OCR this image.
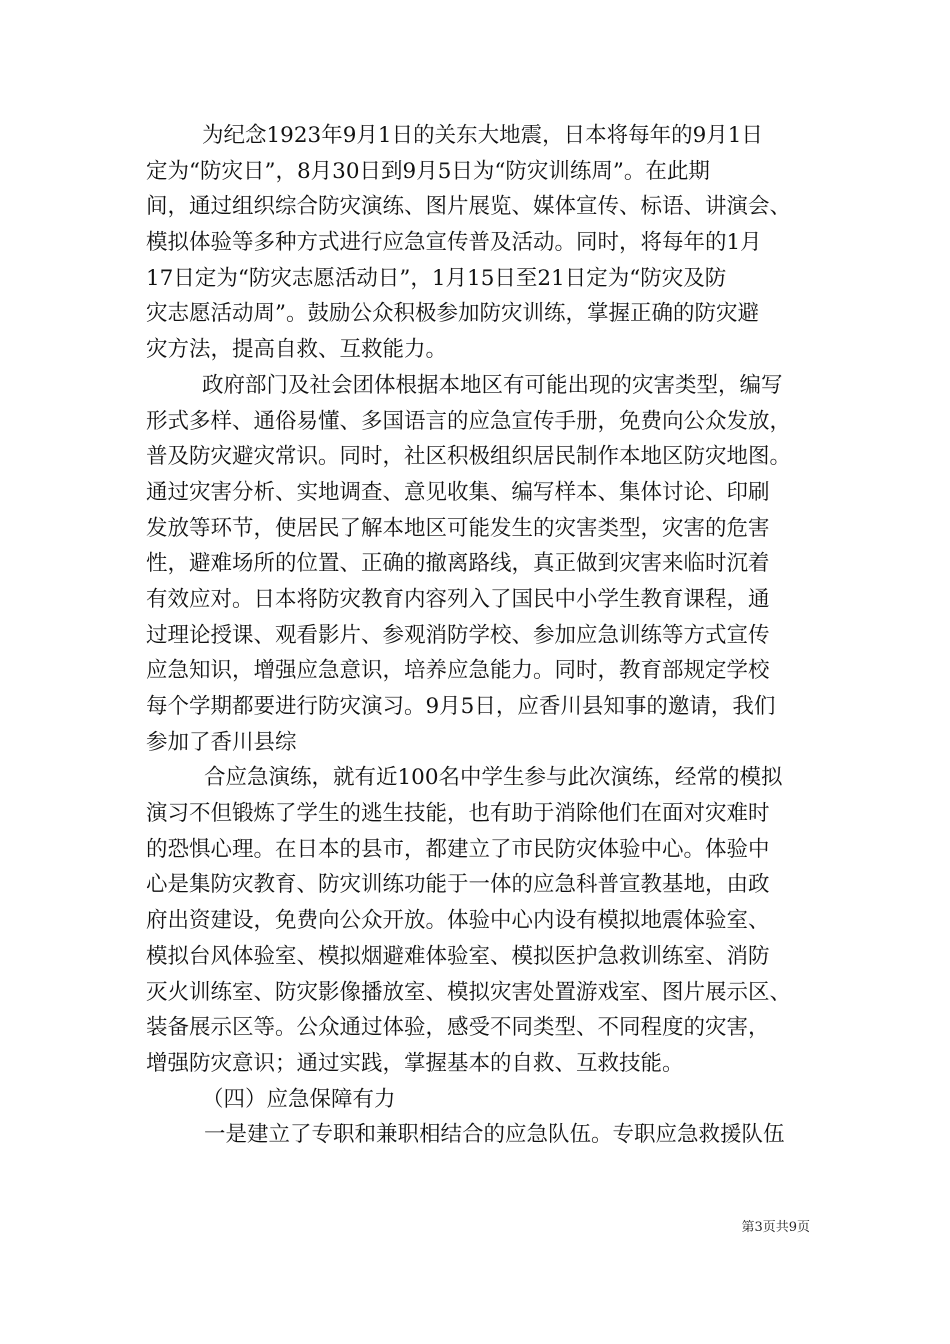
为纪念1923年9月1日的关东大地震，日本将每年的9月1日
定为“防灾日”，8月30日到9月5日为“防灾训练周”。在此期
间，通过组织综合防灾演练、图片展览、媒体宣传、标语、讲演会、
模拟体验等多种方式进行应急宣传普及活动。同时，将每年的1月
17日定为“防灾志愿活动日”，1月15日至21日定为“防灾及防
灾志愿活动周”。鼓励公众积极参加防灾训练，掌握正确的防灾避
灾方法，提高自救、互救能力。
政府部门及社会团体根据本地区有可能出现的灾害类型，编写
形式多样、通俗易懂、多国语言的应急宣传手册，免费向公众发放，
普及防灾避灾常识。同时，社区积极组织居民制作本地区防灾地图。
通过灾害分析、实地调查、意见收集、编写样本、集体讨论、印刷
发放等环节，使居民了解本地区可能发生的灾害类型，灾害的危害
性，避难场所的位置、正确的撤离路线，真正做到灾害来临时沉着
有效应对。日本将防灾教育内容列入了国民中小学生教育课程，通
过理论授课、观看影片、参观消防学校、参加应急训练等方式宣传
应急知识，增强应急意识，培养应急能力。同时，教育部规定学校
每个学期都要进行防灾演习。9月5日，应香川县知事的邀请，我们
参加了香川县综
合应急演练，就有近100名中学生参与此次演练，经常的模拟
演习不但锻炼了学生的逃生技能，也有助于消除他们在面对灾难时
的恐惧心理。在日本的县市，都建立了市民防灾体验中心。体验中
心是集防灾教育、防灾训练功能于一体的应急科普宣教基地，由政
府出资建设，免费向公众开放。体验中心内设有模拟地震体验室、
模拟台风体验室、模拟烟避难体验室、模拟医护急救训练室、消防
灭火训练室、防灾影像播放室、模拟灾害处置游戏室、图片展示区、
装备展示区等。公众通过体验，感受不同类型、不同程度的灾害，
增强防灾意识；通过实践，掌握基本的自救、互救技能。
（四）应急保障有力
一是建立了专职和兼职相结合的应急队伍。专职应急救援队伍
第3页共9页
